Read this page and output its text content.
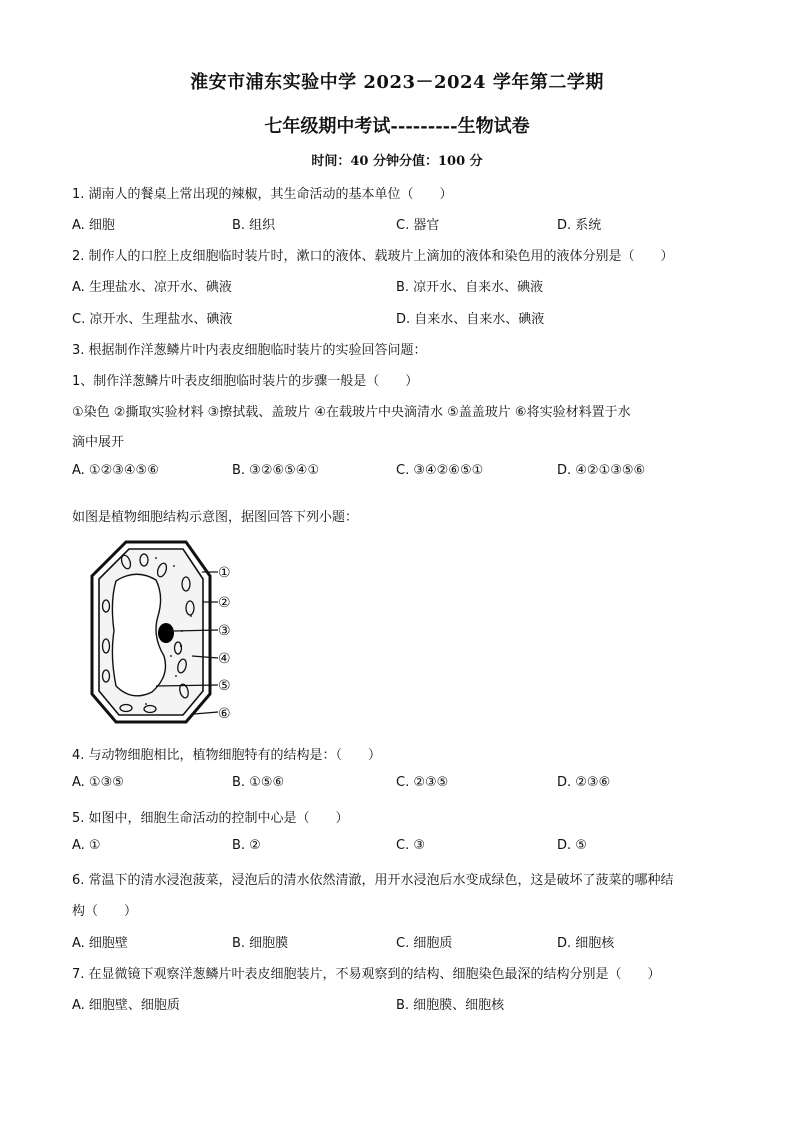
淮安市浦东实验中学 2023－2024 学年第二学期
七年级期中考试---------生物试卷
时间：40 分钟分值：100 分
1. 湖南人的餐桌上常出现的辣椒，其生命活动的基本单位（　　）
A. 细胞	B. 组织	C. 器官	D. 系统
2. 制作人的口腔上皮细胞临时装片时，漱口的液体、载玻片上滴加的液体和染色用的液体分别是（　　）
A. 生理盐水、凉开水、碘液	B. 凉开水、自来水、碘液
C. 凉开水、生理盐水、碘液	D. 自来水、自来水、碘液
3. 根据制作洋葱鳞片叶内表皮细胞临时装片的实验回答问题：
1、制作洋葱鳞片叶表皮细胞临时装片的步骤一般是（　　）
①染色 ②撕取实验材料 ③擦拭载、盖玻片 ④在载玻片中央滴清水 ⑤盖盖玻片 ⑥将实验材料置于水
滴中展开
A. ①②③④⑤⑥	B. ③②⑥⑤④①	C. ③④②⑥⑤①	D. ④②①③⑤⑥
如图是植物细胞结构示意图，据图回答下列小题：
①
②
③
④
⑤
⑥
4. 与动物细胞相比，植物细胞特有的结构是：（　　）
A. ①③⑤	B. ①⑤⑥	C. ②③⑤	D. ②③⑥
5. 如图中，细胞生命活动的控制中心是（　　）
A. ①	B. ②	C. ③	D. ⑤
6. 常温下的清水浸泡菠菜，浸泡后的清水依然清澈，用开水浸泡后水变成绿色，这是破坏了菠菜的哪种结
构（　　）
A. 细胞壁	B. 细胞膜	C. 细胞质	D. 细胞核
7. 在显微镜下观察洋葱鳞片叶表皮细胞装片，不易观察到的结构、细胞染色最深的结构分别是（　　）
A. 细胞壁、细胞质	B. 细胞膜、细胞核
